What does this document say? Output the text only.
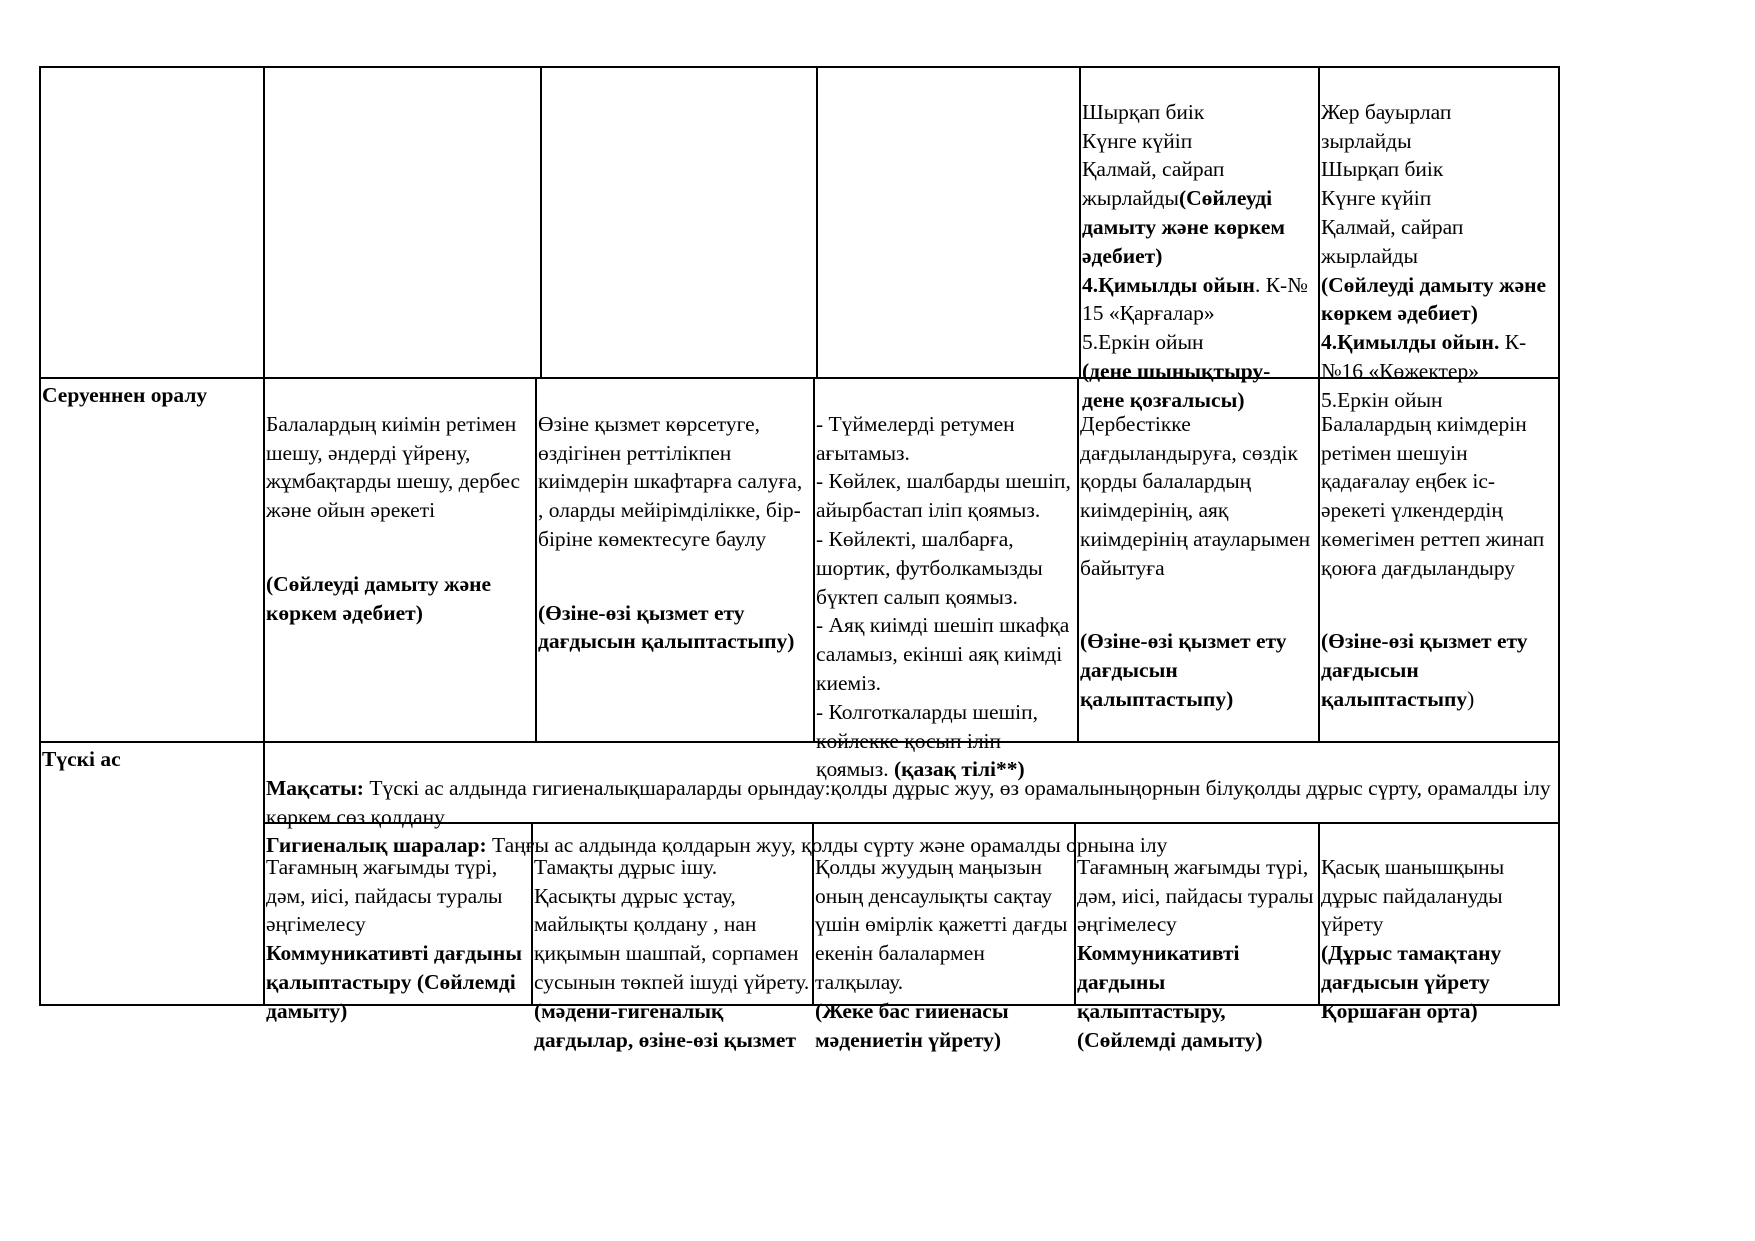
Шырқап биік
Күнге күйіп
Қалмай, сайрап
жырлайды(Сөйлеуді дамыту және көркем әдебиет)
4.Қимылды ойын. К-№ 15 «Қарғалар»
5.Еркін ойын
(дене шынықтыру-
дене қозғалысы)

Жер бауырлап
зырлайды
Шырқап биік
Күнге күйіп
Қалмай, сайрап
жырлайды
(Сөйлеуді дамыту және көркем әдебиет)
4.Қимылды ойын. К-№16 «Көжектер»
5.Еркін ойын

Серуеннен оралу

Балалардың киімін ретімен шешу, әндерді үйрену, жұмбақтарды шешу, дербес және ойын әрекеті

(Сөйлеуді дамыту және көркем әдебиет)

Өзіне қызмет көрсетуге, өздігінен реттілікпен киімдерін шкафтарға салуға, , оларды мейірімділікке, бір-біріне көмектесуге баулу

(Өзіне-өзі қызмет ету дағдысын қалыптастыпу)

- Түймелерді ретумен ағытамыз.
- Көйлек, шалбарды шешіп, айырбастап іліп қоямыз.
- Көйлекті, шалбарға, шортик, футболкамызды бүктеп салып қоямыз.
- Аяқ киімді шешіп шкафқа саламыз, екінші аяқ киімді киеміз.
- Колготкаларды шешіп, көйлекке қосып іліп қоямыз. (қазақ тілі**)

Дербестікке дағдыландыруға, сөздік қорды балалардың киімдерінің, аяқ киімдерінің атауларымен байытуға

(Өзіне-өзі қызмет ету дағдысын қалыптастыпу)

Балалардың киімдерін ретімен шешуін қадағалау еңбек іс-әрекеті үлкендердің көмегімен реттеп жинап қоюға дағдыландыру

(Өзіне-өзі қызмет ету дағдысын қалыптастыпу)

Түскі ас

Мақсаты: Түскі ас алдында гигиеналықшараларды орындау:қолды дұрыс жуу, өз орамалыныңорнын білуқолды дұрыс сүрту, орамалды ілу көркем сөз қолдану
Гигиеналық шаралар: Таңғы ас алдында қолдарын жуу, қолды сүрту және орамалды орнына ілу

Тағамның жағымды түрі, дәм, иісі, пайдасы туралы әңгімелесу
Коммуникативті дағдыны қалыптастыру (Сөйлемді дамыту)

Тамақты дұрыс ішу.
Қасықты дұрыс ұстау, майлықты қолдану , нан қиқымын шашпай, сорпамен сусынын төкпей ішуді үйрету. (мәдени-гигеналық дағдылар, өзіне-өзі қызмет

Қолды жуудың маңызын оның денсаулықты сақтау үшін өмірлік қажетті дағды екенін балалармен талқылау.
(Жеке бас гииенасы мәдениетін үйрету)

Тағамның жағымды түрі, дәм, иісі, пайдасы туралы әңгімелесу
Коммуникативті дағдыны қалыптастыру, (Сөйлемді дамыту)

Қасық шанышқыны дұрыс пайдалануды үйрету
(Дұрыс тамақтану дағдысын үйрету Қоршаған орта)
